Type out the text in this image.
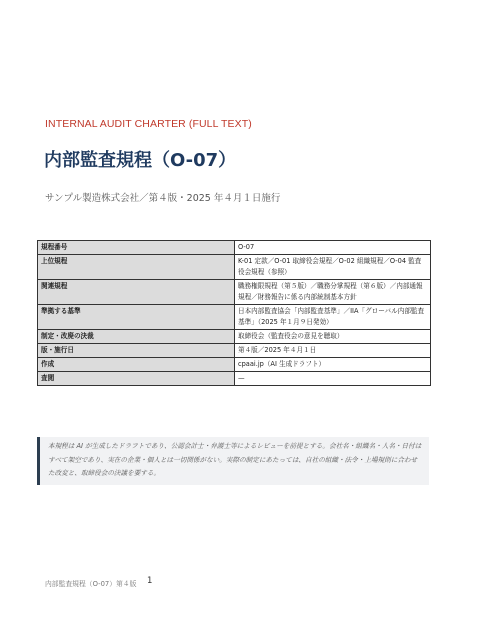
INTERNAL AUDIT CHARTER (FULL TEXT)
内部監査規程（O-07）
サンプル製造株式会社／第４版・2025 年４月１日施行
規程番号	O-07
上位規程	K-01 定款／O-01 取締役会規程／O-02 組織規程／O-04 監査役会規程（参照）
関連規程	職務権限規程（第５版）／職務分掌規程（第６版）／内部通報規程／財務報告に係る内部統制基本方針
準拠する基準	日本内部監査協会「内部監査基準」／IIA「グローバル内部監査基準」（2025 年１月９日発効）
制定・改廃の決裁	取締役会（監査役会の意見を聴取）
版・施行日	第４版／2025 年４月１日
作成	cpaai.jp（AI 生成ドラフト）
査閲	—
本規程は AI が生成したドラフトであり、公認会計士・弁護士等によるレビューを前提とする。会社名・組織名・人名・日付はすべて架空であり、実在の企業・個人とは一切関係がない。実際の制定にあたっては、自社の組織・法令・上場規則に合わせた改変と、取締役会の決議を要する。
内部監査規程（O-07）第４版 1
